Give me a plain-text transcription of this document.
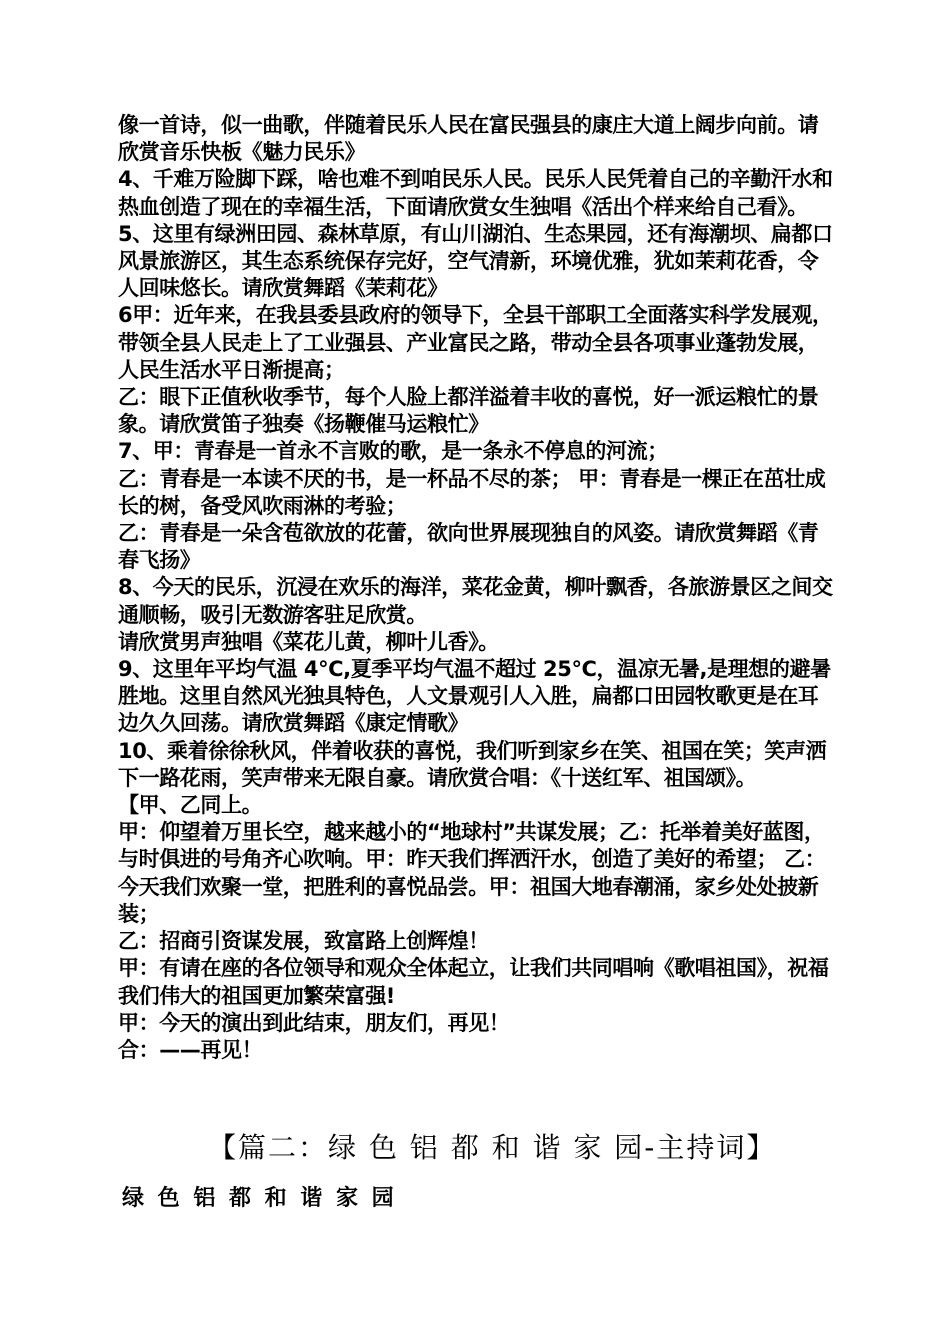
像一首诗，似一曲歌，伴随着民乐人民在富民强县的康庄大道上阔步向前。请欣赏音乐快板《魅力民乐》

4、千难万险脚下踩，啥也难不到咱民乐人民。民乐人民凭着自己的辛勤汗水和热血创造了现在的幸福生活，下面请欣赏女生独唱《活出个样来给自己看》。

5、这里有绿洲田园、森林草原，有山川湖泊、生态果园，还有海潮坝、扁都口风景旅游区，其生态系统保存完好，空气清新，环境优雅，犹如茉莉花香，令人回味悠长。请欣赏舞蹈《茉莉花》

6甲：近年来，在我县委县政府的领导下，全县干部职工全面落实科学发展观，带领全县人民走上了工业强县、产业富民之路，带动全县各项事业蓬勃发展，人民生活水平日渐提高；

乙：眼下正值秋收季节，每个人脸上都洋溢着丰收的喜悦，好一派运粮忙的景象。请欣赏笛子独奏《扬鞭催马运粮忙》

7、甲：青春是一首永不言败的歌，是一条永不停息的河流；

乙：青春是一本读不厌的书，是一杯品不尽的茶； 甲：青春是一棵正在茁壮成长的树，备受风吹雨淋的考验；

乙：青春是一朵含苞欲放的花蕾，欲向世界展现独自的风姿。请欣赏舞蹈《青春飞扬》

8、今天的民乐，沉浸在欢乐的海洋，菜花金黄，柳叶飘香，各旅游景区之间交通顺畅，吸引无数游客驻足欣赏。

请欣赏男声独唱《菜花儿黄，柳叶儿香》。

9、这里年平均气温 4℃,夏季平均气温不超过 25℃，温凉无暑,是理想的避暑胜地。这里自然风光独具特色，人文景观引人入胜，扁都口田园牧歌更是在耳边久久回荡。请欣赏舞蹈《康定情歌》

10、乘着徐徐秋风，伴着收获的喜悦，我们听到家乡在笑、祖国在笑；笑声洒下一路花雨，笑声带来无限自豪。请欣赏合唱：《十送红军、祖国颂》。

【甲、乙同上。

甲：仰望着万里长空，越来越小的“地球村”共谋发展；乙：托举着美好蓝图，与时俱进的号角齐心吹响。甲：昨天我们挥洒汗水，创造了美好的希望； 乙：今天我们欢聚一堂，把胜利的喜悦品尝。甲：祖国大地春潮涌，家乡处处披新装；

乙：招商引资谋发展，致富路上创辉煌！

甲：有请在座的各位领导和观众全体起立，让我们共同唱响《歌唱祖国》，祝福我们伟大的祖国更加繁荣富强!

甲：今天的演出到此结束，朋友们，再见！

合：——再见！

【篇二：绿 色 铝 都 和 谐 家 园-主持词】
绿 色 铝 都 和 谐 家 园
